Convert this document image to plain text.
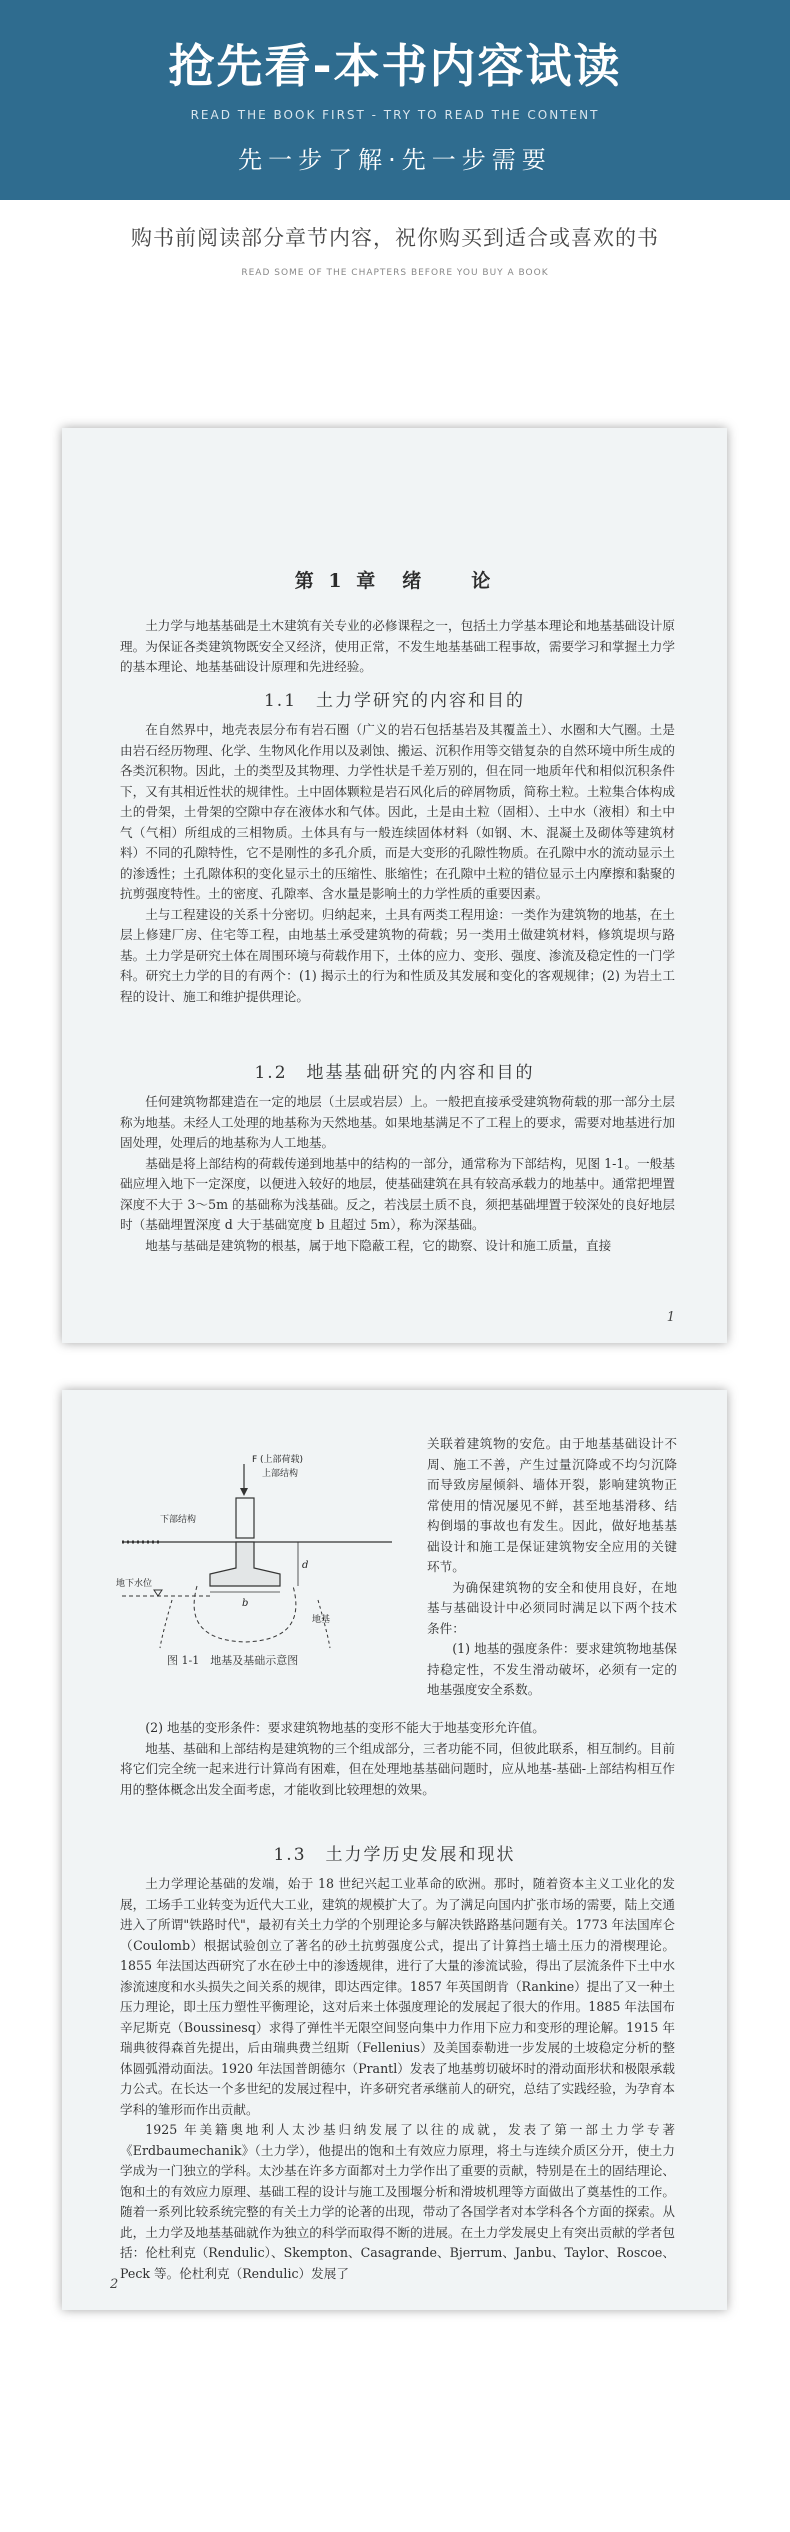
抢先看-本书内容试读
READ THE BOOK FIRST - TRY TO READ THE CONTENT
先一步了解·先一步需要
购书前阅读部分章节内容，祝你购买到适合或喜欢的书
READ SOME OF THE CHAPTERS BEFORE YOU BUY A BOOK
第 1 章　绪　　论

土力学与地基基础是土木建筑有关专业的必修课程之一，包括土力学基本理论和地基基础设计原理。为保证各类建筑物既安全又经济，使用正常，不发生地基基础工程事故，需要学习和掌握土力学的基本理论、地基基础设计原理和先进经验。

1.1　土力学研究的内容和目的

在自然界中，地壳表层分布有岩石圈（广义的岩石包括基岩及其覆盖土）、水圈和大气圈。土是由岩石经历物理、化学、生物风化作用以及剥蚀、搬运、沉积作用等交错复杂的自然环境中所生成的各类沉积物。因此，土的类型及其物理、力学性状是千差万别的，但在同一地质年代和相似沉积条件下，又有其相近性状的规律性。土中固体颗粒是岩石风化后的碎屑物质，简称土粒。土粒集合体构成土的骨架，土骨架的空隙中存在液体水和气体。因此，土是由土粒（固相）、土中水（液相）和土中气（气相）所组成的三相物质。土体具有与一般连续固体材料（如钢、木、混凝土及砌体等建筑材料）不同的孔隙特性，它不是刚性的多孔介质，而是大变形的孔隙性物质。在孔隙中水的流动显示土的渗透性；土孔隙体积的变化显示土的压缩性、胀缩性；在孔隙中土粒的错位显示土内摩擦和黏聚的抗剪强度特性。土的密度、孔隙率、含水量是影响土的力学性质的重要因素。

土与工程建设的关系十分密切。归纳起来，土具有两类工程用途：一类作为建筑物的地基，在土层上修建厂房、住宅等工程，由地基土承受建筑物的荷载；另一类用土做建筑材料，修筑堤坝与路基。土力学是研究土体在周围环境与荷载作用下，土体的应力、变形、强度、渗流及稳定性的一门学科。研究土力学的目的有两个：(1) 揭示土的行为和性质及其发展和变化的客观规律；(2) 为岩土工程的设计、施工和维护提供理论。

1.2　地基基础研究的内容和目的

任何建筑物都建造在一定的地层（土层或岩层）上。一般把直接承受建筑物荷载的那一部分土层称为地基。未经人工处理的地基称为天然地基。如果地基满足不了工程上的要求，需要对地基进行加固处理，处理后的地基称为人工地基。

基础是将上部结构的荷载传递到地基中的结构的一部分，通常称为下部结构，见图 1-1。一般基础应埋入地下一定深度，以便进入较好的地层，使基础建筑在具有较高承载力的地基中。通常把埋置深度不大于 3～5m 的基础称为浅基础。反之，若浅层土质不良，须把基础埋置于较深处的良好地层时（基础埋置深度 d 大于基础宽度 b 且超过 5m），称为深基础。

地基与基础是建筑物的根基，属于地下隐蔽工程，它的勘察、设计和施工质量，直接

1
F (上部荷载)
上部结构
下部结构
地下水位
地基
d
b
图 1-1　地基及基础示意图

关联着建筑物的安危。由于地基基础设计不周、施工不善，产生过量沉降或不均匀沉降而导致房屋倾斜、墙体开裂，影响建筑物正常使用的情况屡见不鲜，甚至地基滑移、结构倒塌的事故也有发生。因此，做好地基基础设计和施工是保证建筑物安全应用的关键环节。

为确保建筑物的安全和使用良好，在地基与基础设计中必须同时满足以下两个技术条件：

(1) 地基的强度条件：要求建筑物地基保持稳定性，不发生滑动破坏，必须有一定的地基强度安全系数。

(2) 地基的变形条件：要求建筑物地基的变形不能大于地基变形允许值。

地基、基础和上部结构是建筑物的三个组成部分，三者功能不同，但彼此联系，相互制约。目前将它们完全统一起来进行计算尚有困难，但在处理地基基础问题时，应从地基-基础-上部结构相互作用的整体概念出发全面考虑，才能收到比较理想的效果。

1.3　土力学历史发展和现状

土力学理论基础的发端，始于 18 世纪兴起工业革命的欧洲。那时，随着资本主义工业化的发展，工场手工业转变为近代大工业，建筑的规模扩大了。为了满足向国内扩张市场的需要，陆上交通进入了所谓"铁路时代"，最初有关土力学的个别理论多与解决铁路路基问题有关。1773 年法国库仑（Coulomb）根据试验创立了著名的砂土抗剪强度公式，提出了计算挡土墙土压力的滑楔理论。1855 年法国达西研究了水在砂土中的渗透规律，进行了大量的渗流试验，得出了层流条件下土中水渗流速度和水头损失之间关系的规律，即达西定律。1857 年英国朗肯（Rankine）提出了又一种土压力理论，即土压力塑性平衡理论，这对后来土体强度理论的发展起了很大的作用。1885 年法国布辛尼斯克（Boussinesq）求得了弹性半无限空间竖向集中力作用下应力和变形的理论解。1915 年瑞典彼得森首先提出，后由瑞典费兰纽斯（Fellenius）及美国泰勒进一步发展的土坡稳定分析的整体圆弧滑动面法。1920 年法国普朗德尔（Prantl）发表了地基剪切破坏时的滑动面形状和极限承载力公式。在长达一个多世纪的发展过程中，许多研究者承继前人的研究，总结了实践经验，为孕育本学科的雏形而作出贡献。

1925 年美籍奥地利人太沙基归纳发展了以往的成就，发表了第一部土力学专著《Erdbaumechanik》（土力学），他提出的饱和土有效应力原理，将土与连续介质区分开，使土力学成为一门独立的学科。太沙基在许多方面都对土力学作出了重要的贡献，特别是在土的固结理论、饱和土的有效应力原理、基础工程的设计与施工及围堰分析和滑坡机理等方面做出了奠基性的工作。随着一系列比较系统完整的有关土力学的论著的出现，带动了各国学者对本学科各个方面的探索。从此，土力学及地基基础就作为独立的科学而取得不断的进展。在土力学发展史上有突出贡献的学者包括：伦杜利克（Rendulic）、Skempton、Casagrande、Bjerrum、Janbu、Taylor、Roscoe、Peck 等。伦杜利克（Rendulic）发展了

2
